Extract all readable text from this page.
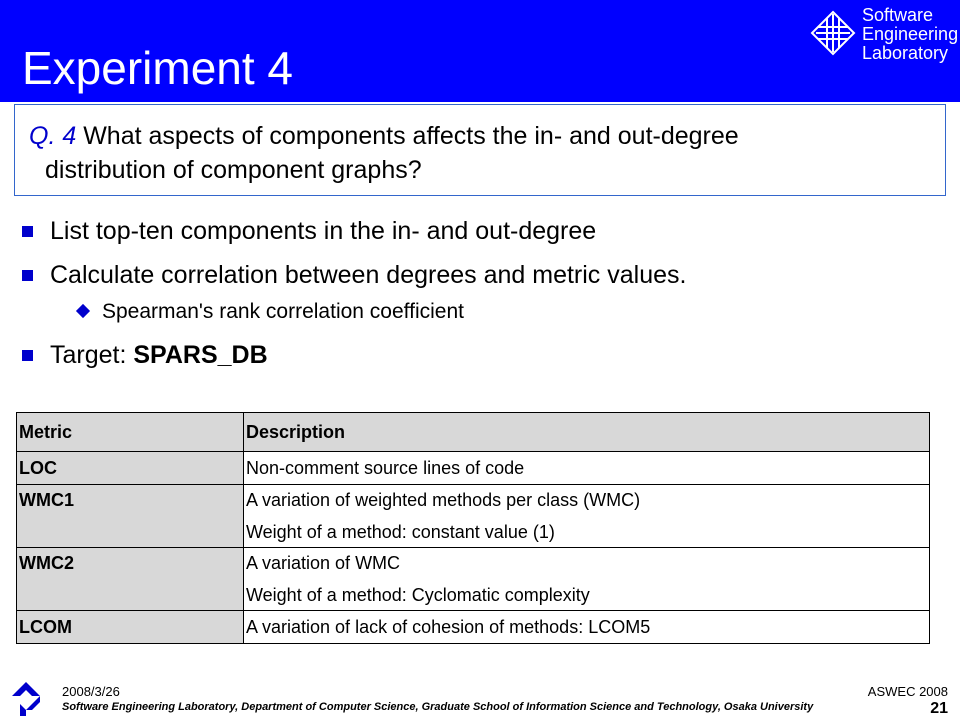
Experiment 4
Software
Engineering
Laboratory
Q. 4 What aspects of components affects the in- and out-degree
distribution of component graphs?
List top-ten components in the in- and out-degree
Calculate correlation between degrees and metric values.
Spearman's rank correlation coefficient
Target: SPARS_DB
Metric	Description
LOC	Non-comment source lines of code

WMC1	A variation of weighted methods per class (WMC)
Weight of a method: constant value (1)

WMC2	A variation of WMC
Weight of a method: Cyclomatic complexity

LCOM	A variation of lack of cohesion of methods: LCOM5
2008/3/26	ASWEC 2008
21
Software Engineering Laboratory, Department of Computer Science, Graduate School of Information Science and Technology, Osaka University
